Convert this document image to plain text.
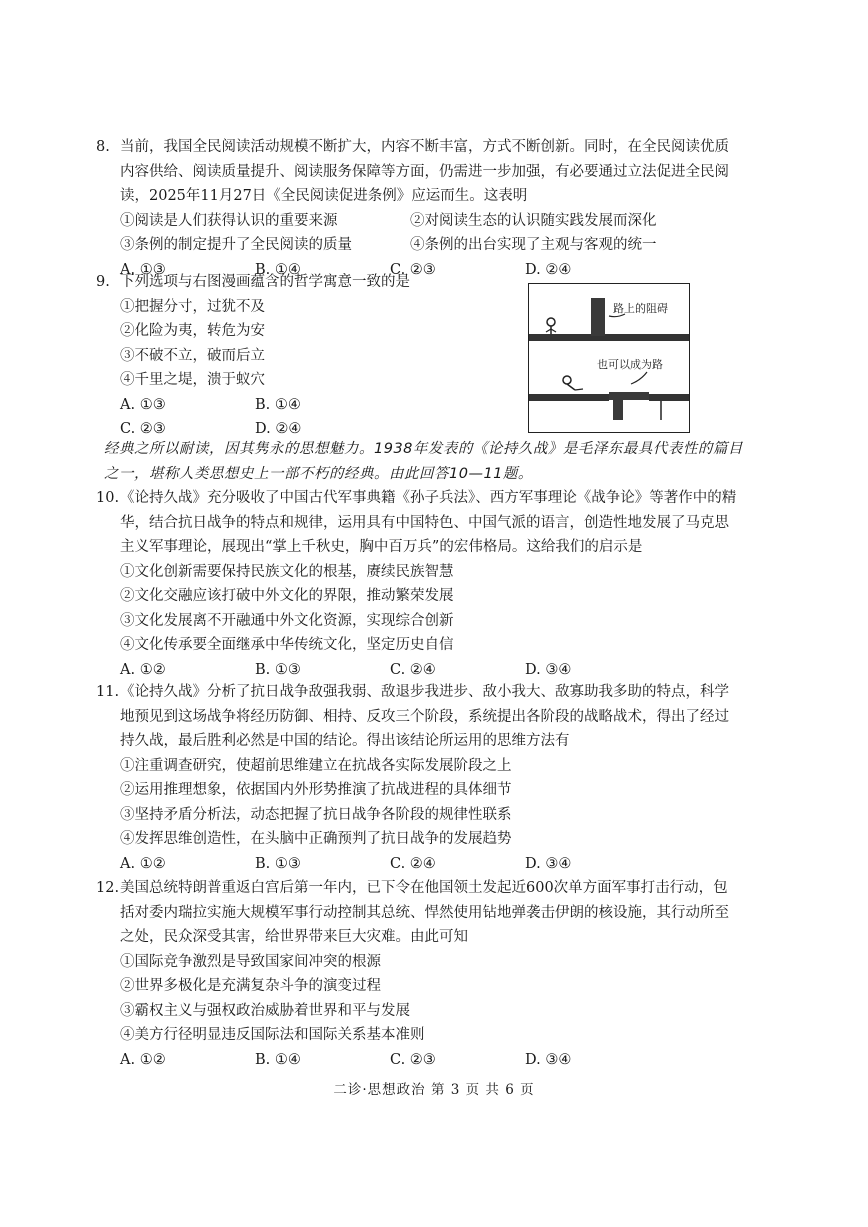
8. 当前，我国全民阅读活动规模不断扩大，内容不断丰富，方式不断创新。同时，在全民阅读优质内容供给、阅读质量提升、阅读服务保障等方面，仍需进一步加强，有必要通过立法促进全民阅读，2025年11月27日《全民阅读促进条例》应运而生。这表明
①阅读是人们获得认识的重要来源	②对阅读生态的认识随实践发展而深化
③条例的制定提升了全民阅读的质量	④条例的出台实现了主观与客观的统一
A. ①③	B. ①④	C. ②③	D. ②④
9. 下列选项与右图漫画蕴含的哲学寓意一致的是
①把握分寸，过犹不及
②化险为夷，转危为安
③不破不立，破而后立
④千里之堤，溃于蚁穴
A. ①③	B. ①④
C. ②③	D. ②④
路上的阻碍
也可以成为路
经典之所以耐读，因其隽永的思想魅力。1938年发表的《论持久战》是毛泽东最具代表性的篇目之一，堪称人类思想史上一部不朽的经典。由此回答10—11题。
10. 《论持久战》充分吸收了中国古代军事典籍《孙子兵法》、西方军事理论《战争论》等著作中的精华，结合抗日战争的特点和规律，运用具有中国特色、中国气派的语言，创造性地发展了马克思主义军事理论，展现出“掌上千秋史，胸中百万兵”的宏伟格局。这给我们的启示是
①文化创新需要保持民族文化的根基，赓续民族智慧
②文化交融应该打破中外文化的界限，推动繁荣发展
③文化发展离不开融通中外文化资源，实现综合创新
④文化传承要全面继承中华传统文化，坚定历史自信
A. ①②	B. ①③	C. ②④	D. ③④
11. 《论持久战》分析了抗日战争敌强我弱、敌退步我进步、敌小我大、敌寡助我多助的特点，科学地预见到这场战争将经历防御、相持、反攻三个阶段，系统提出各阶段的战略战术，得出了经过持久战，最后胜利必然是中国的结论。得出该结论所运用的思维方法有
①注重调查研究，使超前思维建立在抗战各实际发展阶段之上
②运用推理想象，依据国内外形势推演了抗战进程的具体细节
③坚持矛盾分析法，动态把握了抗日战争各阶段的规律性联系
④发挥思维创造性，在头脑中正确预判了抗日战争的发展趋势
A. ①②	B. ①③	C. ②④	D. ③④
12. 美国总统特朗普重返白宫后第一年内，已下令在他国领土发起近600次单方面军事打击行动，包括对委内瑞拉实施大规模军事行动控制其总统、悍然使用钻地弹袭击伊朗的核设施，其行动所至之处，民众深受其害，给世界带来巨大灾难。由此可知
①国际竞争激烈是导致国家间冲突的根源
②世界多极化是充满复杂斗争的演变过程
③霸权主义与强权政治威胁着世界和平与发展
④美方行径明显违反国际法和国际关系基本准则
A. ①②	B. ①④	C. ②③	D. ③④
二诊·思想政治 第 3 页 共 6 页
